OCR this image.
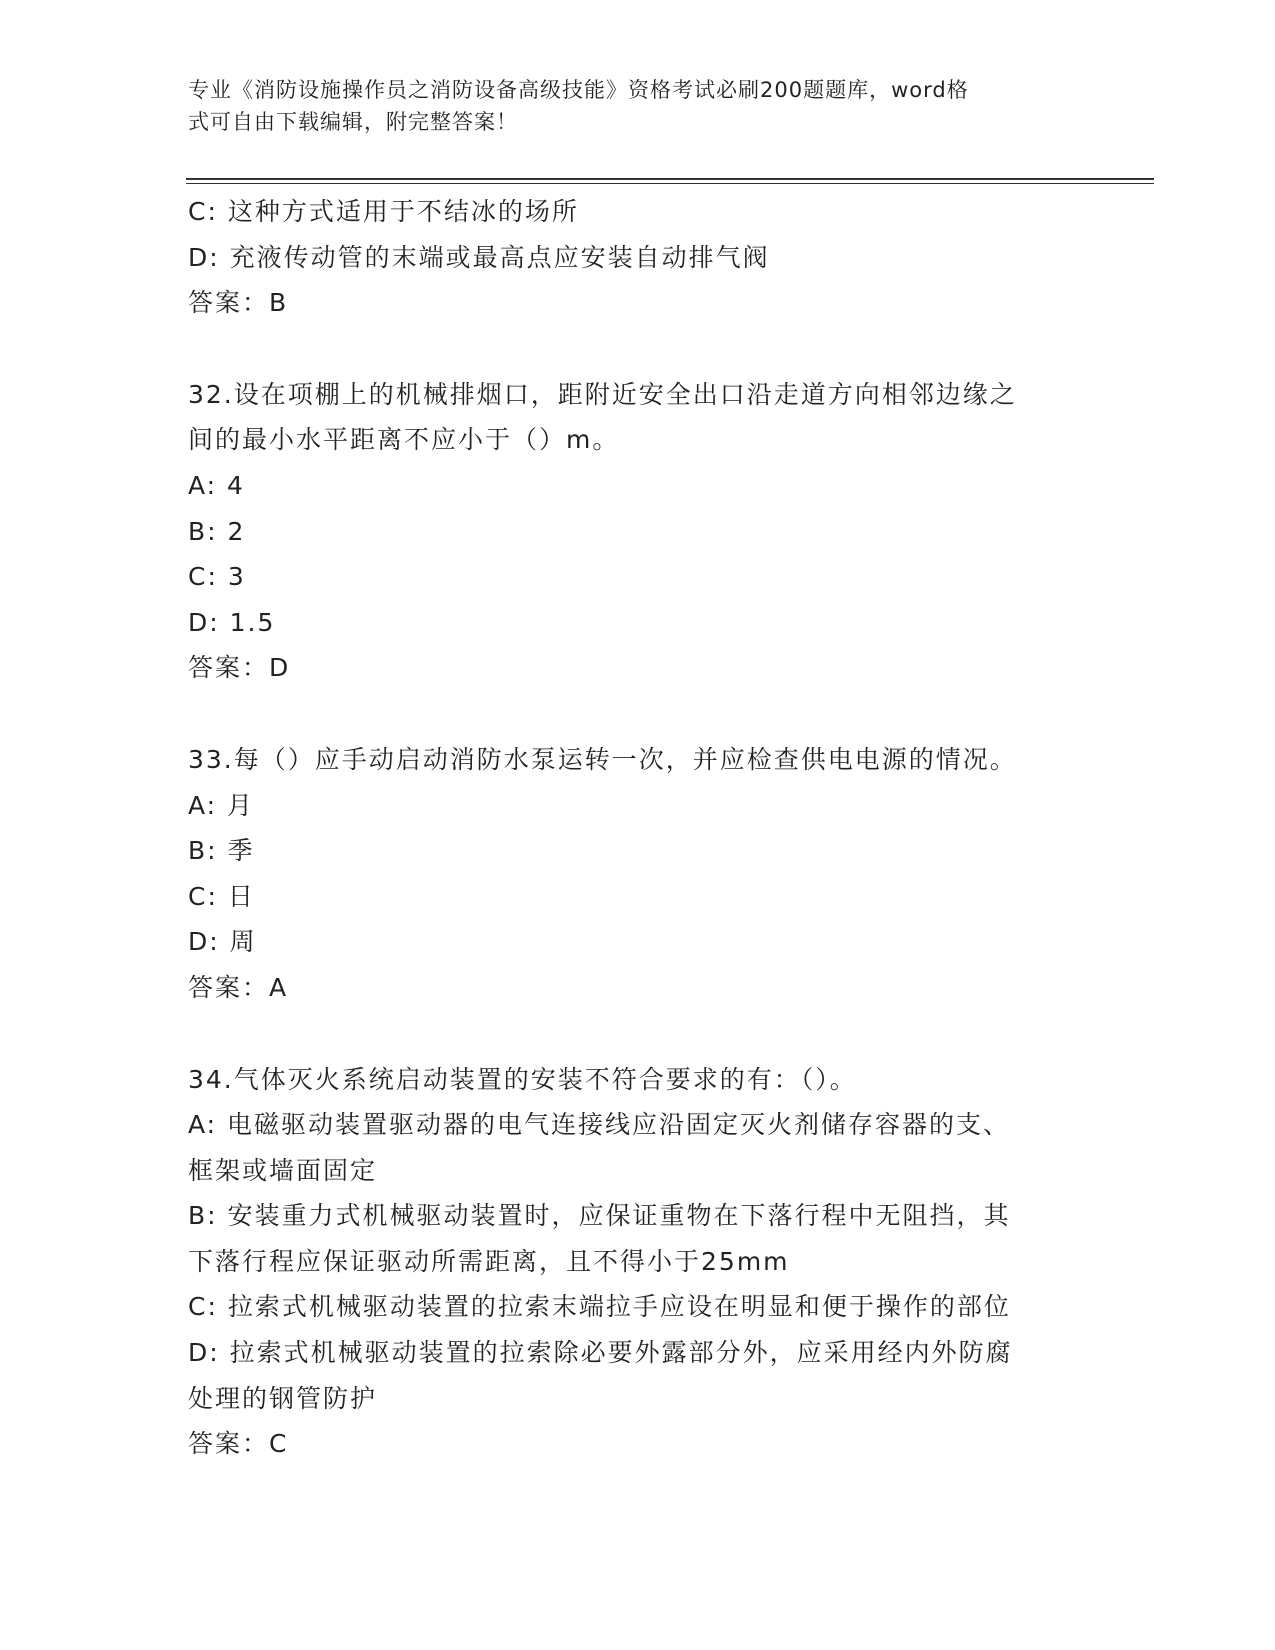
专业《消防设施操作员之消防设备高级技能》资格考试必刷200题题库，word格
式可自由下载编辑，附完整答案！
C: 这种方式适用于不结冰的场所
D: 充液传动管的末端或最高点应安装自动排气阀
答案：B
32.设在项棚上的机械排烟口，距附近安全出口沿走道方向相邻边缘之
间的最小水平距离不应小于（）m。
A: 4
B: 2
C: 3
D: 1.5
答案：D
33.每（）应手动启动消防水泵运转一次，并应检查供电电源的情况。
A: 月
B: 季
C: 日
D: 周
答案：A
34.气体灭火系统启动装置的安装不符合要求的有：（）。
A: 电磁驱动装置驱动器的电气连接线应沿固定灭火剂储存容器的支、
框架或墙面固定
B: 安装重力式机械驱动装置时，应保证重物在下落行程中无阻挡，其
下落行程应保证驱动所需距离，且不得小于25mm
C: 拉索式机械驱动装置的拉索末端拉手应设在明显和便于操作的部位
D: 拉索式机械驱动装置的拉索除必要外露部分外，应采用经内外防腐
处理的钢管防护
答案：C
